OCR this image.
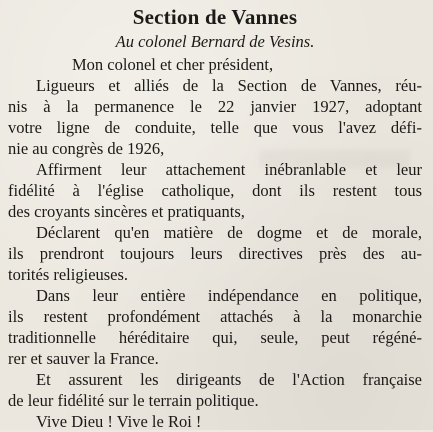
Section de Vannes
Au colonel Bernard de Vesins.
Mon colonel et cher président,
Ligueurs et alliés de la Section de Vannes, réu-
nis à la permanence le 22 janvier 1927, adoptant
votre ligne de conduite, telle que vous l'avez défi-
nie au congrès de 1926,
Affirment leur attachement inébranlable et leur
fidélité à l'église catholique, dont ils restent tous
des croyants sincères et pratiquants,
Déclarent qu'en matière de dogme et de morale,
ils prendront toujours leurs directives près des au-
torités religieuses.
Dans leur entière indépendance en politique,
ils restent profondément attachés à la monarchie
traditionnelle héréditaire qui, seule, peut régéné-
rer et sauver la France.
Et assurent les dirigeants de l'Action française
de leur fidélité sur le terrain politique.
Vive Dieu ! Vive le Roi !
